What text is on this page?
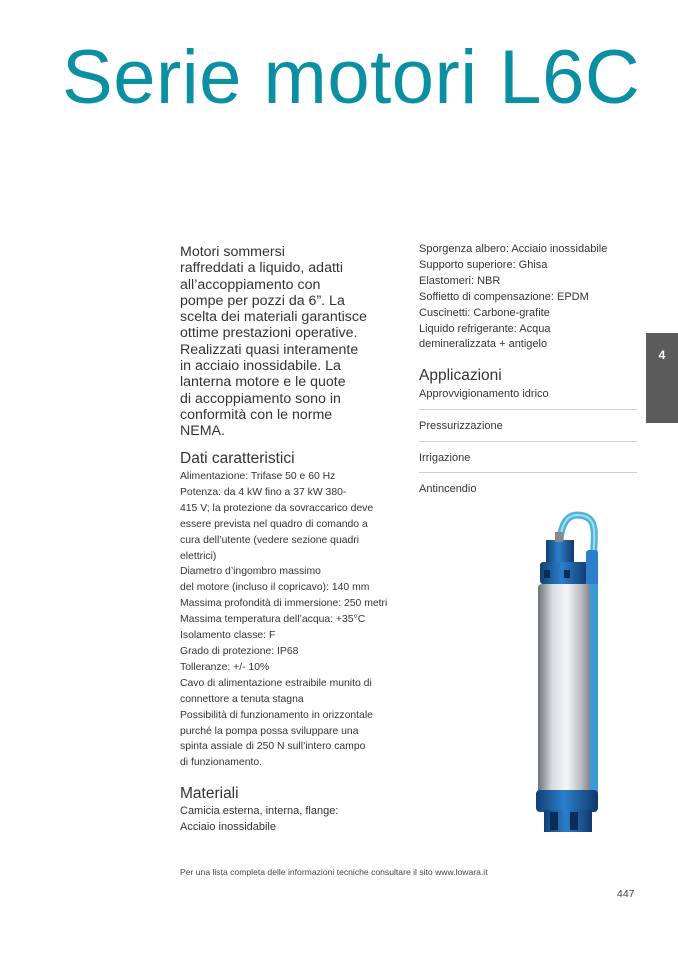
Serie motori L6C
Motori sommersi
raffreddati a liquido, adatti
all’accoppiamento con
pompe per pozzi da 6”. La
scelta dei materiali garantisce
ottime prestazioni operative.
Realizzati quasi interamente
in acciaio inossidabile. La
lanterna motore e le quote
di accoppiamento sono in
conformità con le norme
NEMA.
Dati caratteristici
Alimentazione: Trifase 50 e 60 Hz
Potenza: da 4 kW fino a 37 kW 380-
415 V; la protezione da sovraccarico deve
essere prevista nel quadro di comando a
cura dell’utente (vedere sezione quadri
elettrici)
Diametro d’ingombro massimo
del motore (incluso il copricavo): 140 mm
Massima profondità di immersione: 250 metri
Massima temperatura dell’acqua: +35°C
Isolamento classe: F
Grado di protezione: IP68
Tolleranze: +/- 10%
Cavo di alimentazione estraibile munito di
connettore a tenuta stagna
Possibilità di funzionamento in orizzontale
purché la pompa possa sviluppare una
spinta assiale di 250 N sull’intero campo
di funzionamento.
Materiali
Camicia esterna, interna, flange:
Acciaio inossidabile
Sporgenza albero: Acciaio inossidabile
Supporto superiore: Ghisa
Elastomeri: NBR
Soffietto di compensazione: EPDM
Cuscinetti: Carbone-grafite
Liquido refrigerante: Acqua
demineralizzata + antigelo
Applicazioni
Approvvigionamento idrico
Pressurizzazione
Irrigazione
Antincendio
4
Per una lista completa delle informazioni tecniche consultare il sito www.lowara.it
447
